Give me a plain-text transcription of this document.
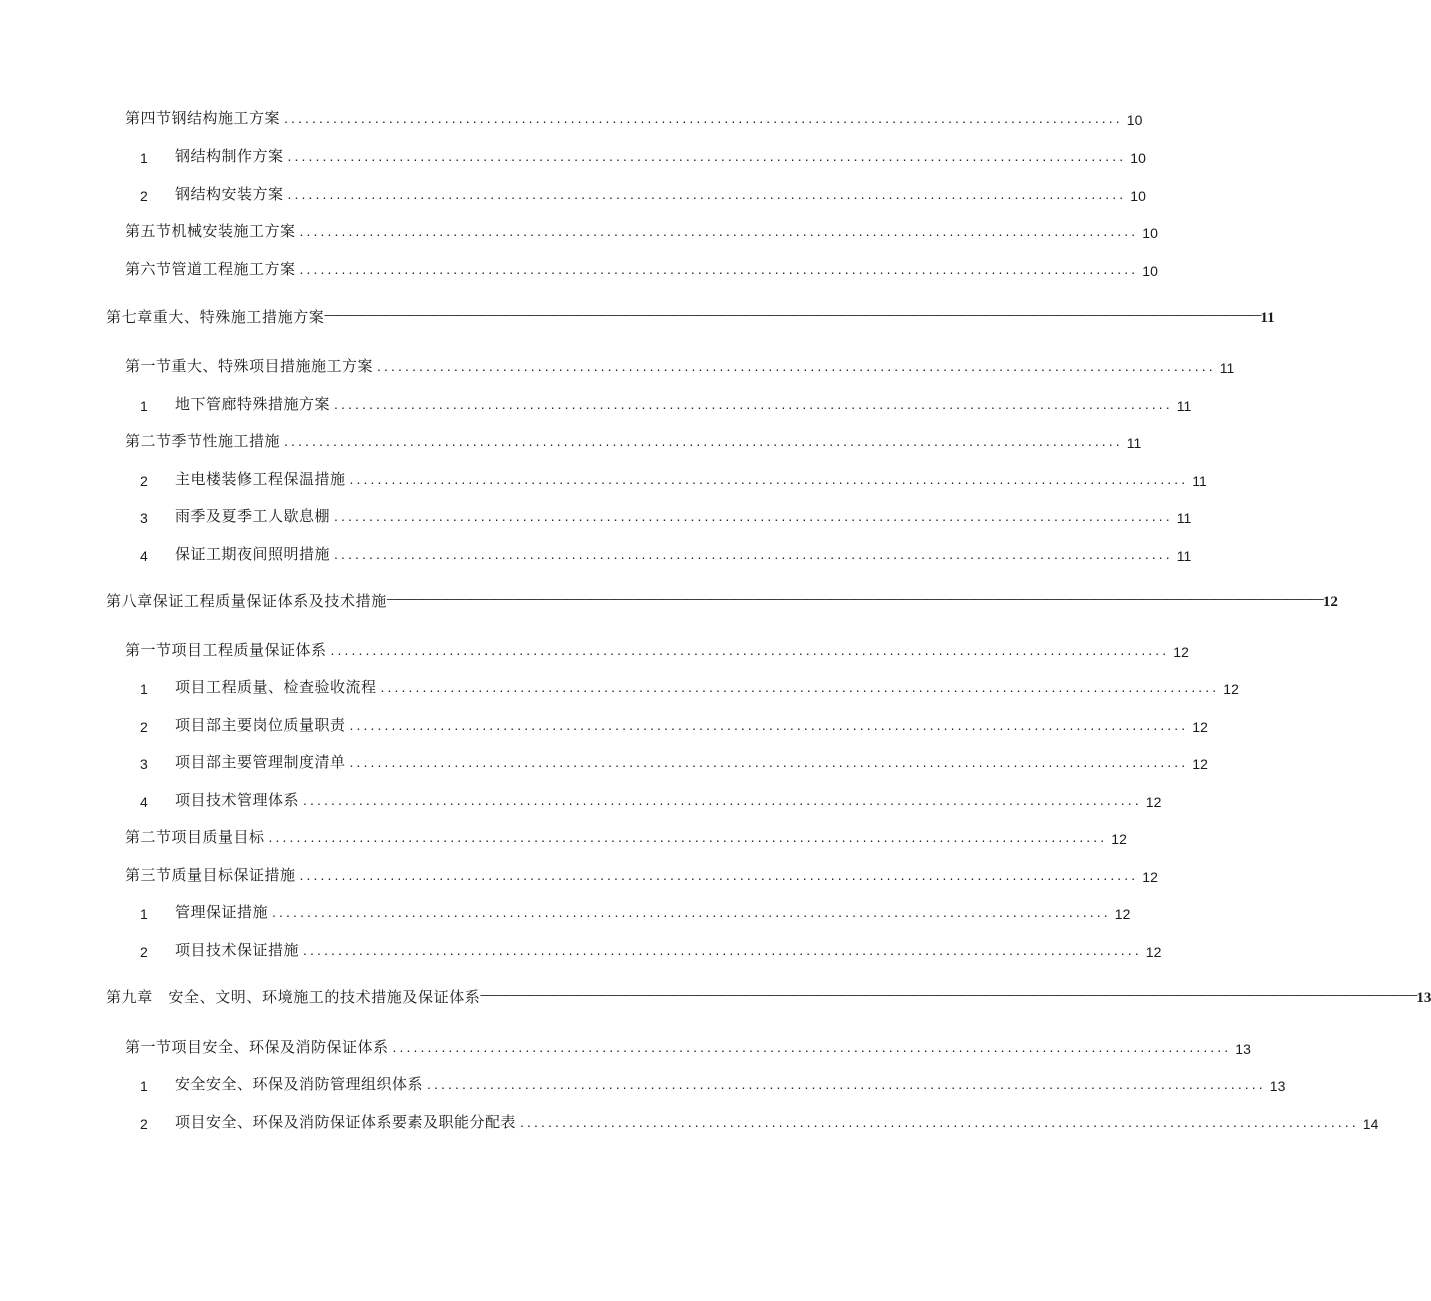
第四节钢结构施工方案 ........................................................................................................................ 10
1	钢结构制作方案 ........................................................................................................................ 10
2	钢结构安装方案 ........................................................................................................................ 10
第五节机械安装施工方案 ........................................................................................................................ 10
第六节管道工程施工方案 ........................................................................................................................ 10
第七章重大、特殊施工措施方案 —————————————————————————————————————————————————————————————————————————————— 11
第一节重大、特殊项目措施施工方案 ........................................................................................................................ 11
1	地下管廊特殊措施方案 ........................................................................................................................ 11
第二节季节性施工措施 ........................................................................................................................ 11
2	主电楼装修工程保温措施 ........................................................................................................................ 11
3	雨季及夏季工人歇息棚 ........................................................................................................................ 11
4	保证工期夜间照明措施 ........................................................................................................................ 11
第八章保证工程质量保证体系及技术措施 —————————————————————————————————————————————————————————————————————————————— 12
第一节项目工程质量保证体系 ........................................................................................................................ 12
1	项目工程质量、检查验收流程 ........................................................................................................................ 12
2	项目部主要岗位质量职责 ........................................................................................................................ 12
3	项目部主要管理制度清单 ........................................................................................................................ 12
4	项目技术管理体系 ........................................................................................................................ 12
第二节项目质量目标 ........................................................................................................................ 12
第三节质量目标保证措施 ........................................................................................................................ 12
1	管理保证措施 ........................................................................................................................ 12
2	项目技术保证措施 ........................................................................................................................ 12
第九章　安全、文明、环境施工的技术措施及保证体系 —————————————————————————————————————————————————————————————————————————————— 13
第一节项目安全、环保及消防保证体系 ........................................................................................................................ 13
1	安全安全、环保及消防管理组织体系 ........................................................................................................................ 13
2	项目安全、环保及消防保证体系要素及职能分配表 ........................................................................................................................ 14
